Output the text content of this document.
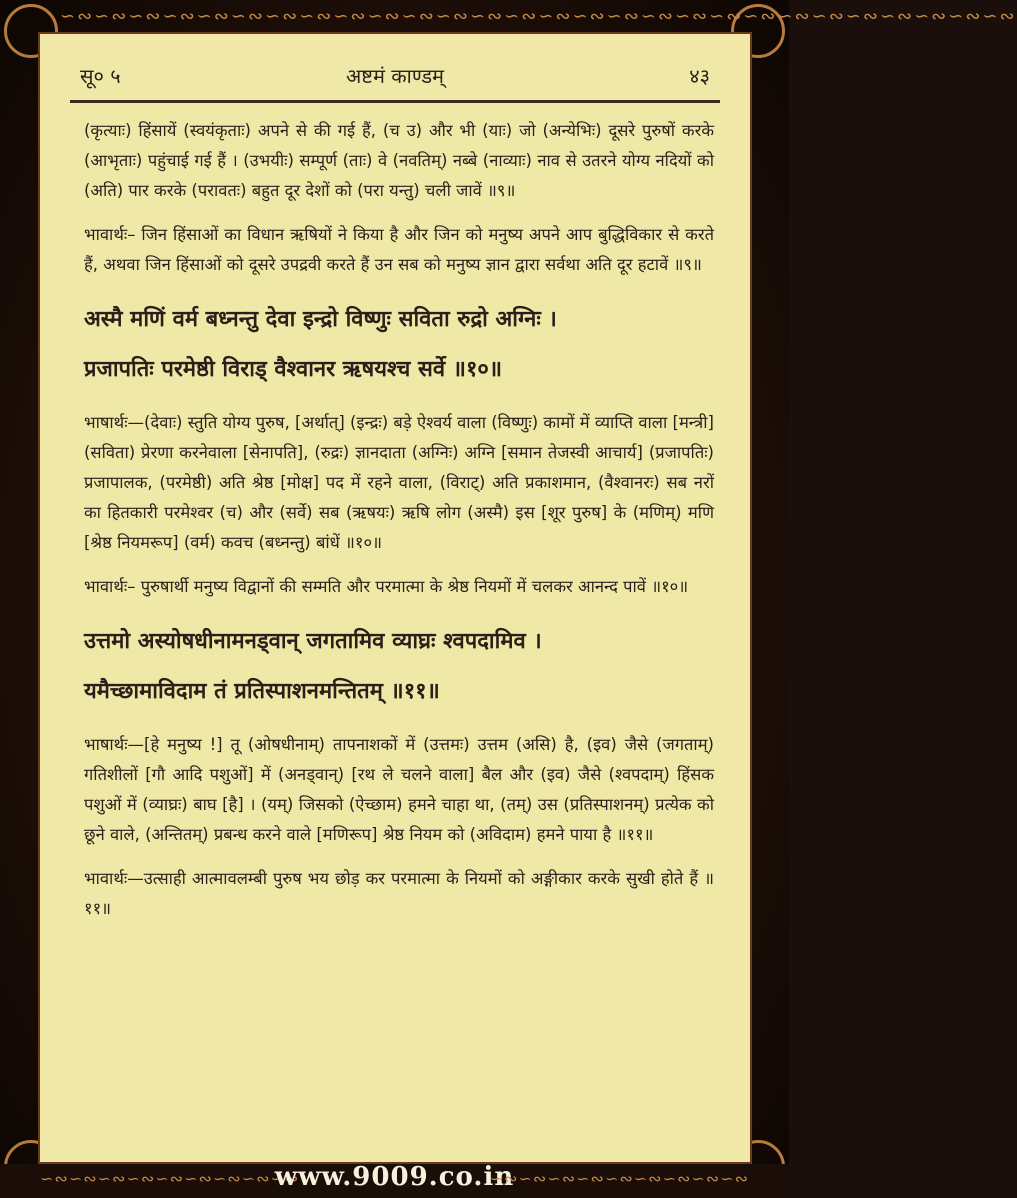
∽∾∽∾∽∾∽∾∽∾∽∾∽∾∽∾∽∾∽∾∽∾∽∾∽∾∽∾∽∾∽∾∽∾∽∾∽∾∽∾∽∾∽∾∽∾∽∾∽∾∽∾∽∾∽∾
सू० ५	अष्टमं काण्डम्	४३

(कृत्याः) हिंसायें (स्वयंकृताः) अपने से की गई हैं, (च उ) और भी (याः) जो (अन्येभिः) दूसरे पुरुषों करके (आभृताः) पहुंचाई गई हैं । (उभयीः) सम्पूर्ण (ताः) वे (नवतिम्) नब्बे (नाव्याः) नाव से उतरने योग्य नदियों को (अति) पार करके (परावतः) बहुत दूर देशों को (परा यन्तु) चली जावें ॥९॥

भावार्थः– जिन हिंसाओं का विधान ऋषियों ने किया है और जिन को मनुष्य अपने आप बुद्धिविकार से करते हैं, अथवा जिन हिंसाओं को दूसरे उपद्रवी करते हैं उन सब को मनुष्य ज्ञान द्वारा सर्वथा अति दूर हटावें ॥९॥

अस्मै मणिं वर्म बध्नन्तु देवा इन्द्रो विष्णुः सविता रुद्रो अग्निः ।

प्रजापतिः परमेष्ठी विराड् वैश्वानर ऋषयश्च सर्वे ॥१०॥

भाषार्थः—(देवाः) स्तुति योग्य पुरुष, [अर्थात्] (इन्द्रः) बड़े ऐश्वर्य वाला (विष्णुः) कामों में व्याप्ति वाला [मन्त्री] (सविता) प्रेरणा करनेवाला [सेनापति], (रुद्रः) ज्ञानदाता (अग्निः) अग्नि [समान तेजस्वी आचार्य] (प्रजापतिः) प्रजापालक, (परमेष्ठी) अति श्रेष्ठ [मोक्ष] पद में रहने वाला, (विराट्) अति प्रकाशमान, (वैश्वानरः) सब नरों का हितकारी परमेश्वर (च) और (सर्वे) सब (ऋषयः) ऋषि लोग (अस्मै) इस [शूर पुरुष] के (मणिम्) मणि [श्रेष्ठ नियमरूप] (वर्म) कवच (बध्नन्तु) बांधें ॥१०॥

भावार्थः– पुरुषार्थी मनुष्य विद्वानों की सम्मति और परमात्मा के श्रेष्ठ नियमों में चलकर आनन्द पावें ॥१०॥

उत्तमो अस्योषधीनामनड्वान् जगतामिव व्याघ्रः श्वपदामिव ।

यमैच्छामाविदाम तं प्रतिस्पाशनमन्तितम् ॥११॥

भाषार्थः—[हे मनुष्य !] तू (ओषधीनाम्) तापनाशकों में (उत्तमः) उत्तम (असि) है, (इव) जैसे (जगताम्) गतिशीलों [गौ आदि पशुओं] में (अनड्वान्) [रथ ले चलने वाला] बैल और (इव) जैसे (श्वपदाम्) हिंसक पशुओं में (व्याघ्रः) बाघ [है] । (यम्) जिसको (ऐच्छाम) हमने चाहा था, (तम्) उस (प्रतिस्पाशनम्) प्रत्येक को छूने वाले, (अन्तितम्) प्रबन्ध करने वाले [मणिरूप] श्रेष्ठ नियम को (अविदाम) हमने पाया है ॥११॥

भावार्थः—उत्साही आत्मावलम्बी पुरुष भय छोड़ कर परमात्मा के नियमों को अङ्गीकार करके सुखी होते हैं ॥११॥

∽∾∽∾∽∾∽∾∽∾∽∾∽∾∽∾∽∾
www.9009.co.in
∽∾∽∾∽∾∽∾∽∾∽∾∽∾∽∾∽∾
